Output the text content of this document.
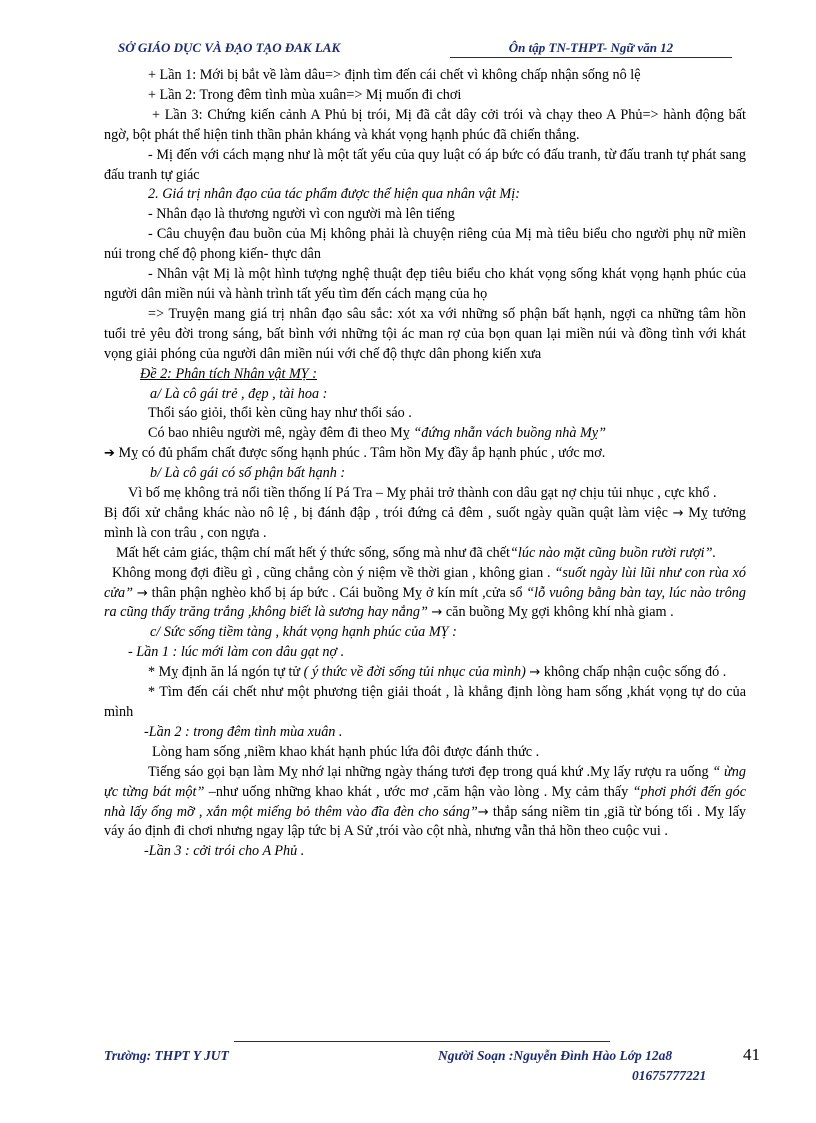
SỞ GIÁO DỤC VÀ ĐẠO TẠO ĐAK LAK	Ôn tập TN-THPT- Ngữ văn 12

+ Lần 1: Mới bị bắt về làm dâu=> định tìm đến cái chết vì không chấp nhận sống nô lệ

+ Lần 2: Trong đêm tình mùa xuân=> Mị muốn đi chơi

+ Lần 3: Chứng kiến cảnh A Phủ bị trói, Mị đã cắt dây cởi trói và chạy theo A Phủ=> hành động bất ngờ, bột phát thể hiện tinh thần phản kháng và khát vọng hạnh phúc đã chiến thắng.

- Mị đến với cách mạng như là một tất yếu của quy luật có áp bức có đấu tranh, từ đấu tranh tự phát sang đấu tranh tự giác

2. Giá trị nhân đạo của tác phẩm được thể hiện qua nhân vật Mị:

- Nhân đạo là thương người vì con người mà lên tiếng

- Câu chuyện đau buồn của Mị không phải là chuyện riêng của Mị mà tiêu biểu cho người phụ nữ miền núi trong chế độ phong kiến- thực dân

- Nhân vật Mị là một hình tượng nghệ thuật đẹp tiêu biểu cho khát vọng sống khát vọng hạnh phúc của người dân miền núi và hành trình tất yếu tìm đến cách mạng của họ

=> Truyện mang giá trị nhân đạo sâu sắc: xót xa với những số phận bất hạnh, ngợi ca những tâm hồn tuổi trẻ yêu đời trong sáng, bất bình với những tội ác man rợ của bọn quan lại miền núi và đồng tình với khát vọng giải phóng của người dân miền núi với chế độ thực dân phong kiến xưa

Đề 2: Phân tích Nhân vật MỴ :

a/ Là cô gái trẻ , đẹp , tài hoa :

Thổi sáo giỏi, thổi kèn cũng hay như thổi sáo .

Có bao nhiêu người mê, ngày đêm đi theo Mỵ “đứng nhẵn vách buồng nhà Mỵ”

➔ Mỵ có đủ phẩm chất được sống hạnh phúc . Tâm hồn Mỵ đầy ắp hạnh phúc , ước mơ.

b/ Là cô gái có số phận bất hạnh :

Vì bố mẹ không trả nổi tiền thống lí Pá Tra – Mỵ phải trở thành con dâu gạt nợ chịu tủi nhục , cực khổ .

Bị đối xử chẳng khác nào nô lệ , bị đánh đập , trói đứng cả đêm , suốt ngày quần quật làm việc → Mỵ tưởng mình là con trâu , con ngựa .

Mất hết cảm giác, thậm chí mất hết ý thức sống, sống mà như đã chết“lúc nào mặt cũng buồn rười rượi”.

Không mong đợi điều gì , cũng chẳng còn ý niệm về thời gian , không gian . “suốt ngày lùi lũi như con rùa xó cửa” → thân phận nghèo khổ bị áp bức . Cái buồng Mỵ ở kín mít ,cửa sổ “lỗ vuông bằng bàn tay, lúc nào trông ra cũng thấy trăng trắng ,không biết là sương hay nắng” → căn buồng Mỵ gợi không khí nhà giam .

c/ Sức sống tiềm tàng , khát vọng hạnh phúc của MỴ :

- Lần 1 : lúc mới làm con dâu gạt nợ .

* Mỵ định ăn lá ngón tự tử ( ý thức về đời sống tủi nhục của mình) → không chấp nhận cuộc sống đó .

* Tìm đến cái chết như một phương tiện giải thoát , là khẳng định lòng ham sống ,khát vọng tự do của mình

-Lần 2 : trong đêm tình mùa xuân .

Lòng ham sống ,niềm khao khát hạnh phúc lứa đôi được đánh thức .

Tiếng sáo gọi bạn làm Mỵ nhớ lại những ngày tháng tươi đẹp trong quá khứ .Mỵ lấy rượu ra uống “ ừng ực từng bát một” –như uống những khao khát , ước mơ ,căm hận vào lòng . Mỵ cảm thấy “phơi phới đến góc nhà lấy ống mỡ , xắn một miếng bỏ thêm vào đĩa đèn cho sáng”→ thắp sáng niềm tin ,giã từ bóng tối . Mỵ lấy váy áo định đi chơi nhưng ngay lập tức bị A Sử ,trói vào cột nhà, nhưng vẫn thả hồn theo cuộc vui .

-Lần 3 : cởi trói cho A Phủ .

Trường: THPT Y JUT	Người Soạn :Nguyễn Đình Hào Lớp 12a8	41
01675777221
